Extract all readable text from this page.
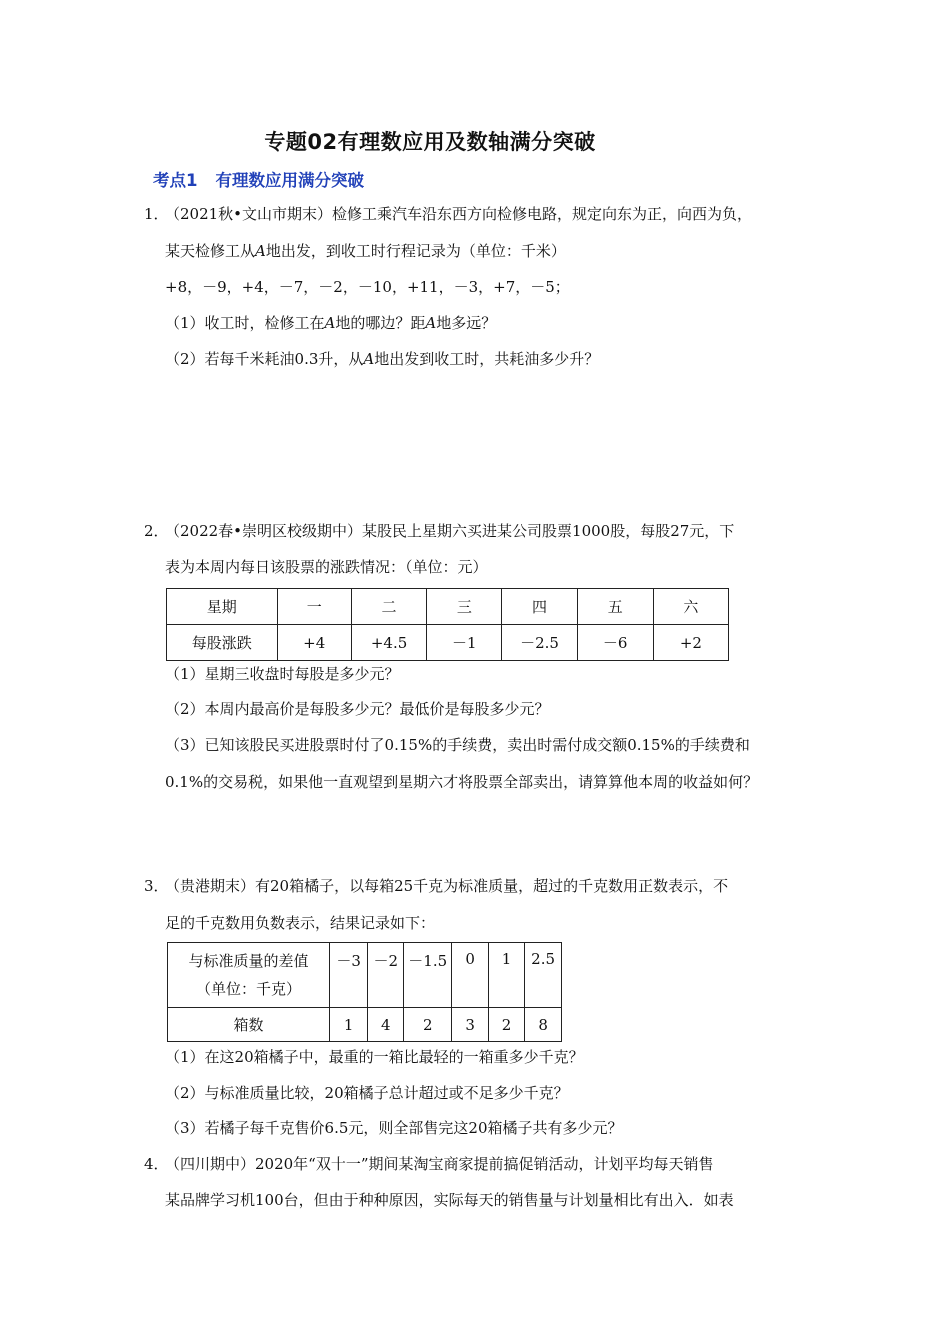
专题02有理数应用及数轴满分突破
考点1 有理数应用满分突破
1．
（2021秋•文山市期末）检修工乘汽车沿东西方向检修电路，规定向东为正，向西为负，
某天检修工从A地出发，到收工时行程记录为（单位：千米）
+8，－9，+4，－7，－2，－10，+11，－3，+7，－5；
（1）收工时，检修工在A地的哪边？距A地多远？
（2）若每千米耗油0.3升，从A地出发到收工时，共耗油多少升？
2．
（2022春•崇明区校级期中）某股民上星期六买进某公司股票1000股，每股27元，下
表为本周内每日该股票的涨跌情况：（单位：元）
星期	一	二	三	四	五	六
每股涨跌	+4	+4.5	－1	－2.5	－6	+2
（1）星期三收盘时每股是多少元？
（2）本周内最高价是每股多少元？最低价是每股多少元？
（3）已知该股民买进股票时付了0.15%的手续费，卖出时需付成交额0.15%的手续费和
0.1%的交易税，如果他一直观望到星期六才将股票全部卖出，请算算他本周的收益如何？
3．
（贵港期末）有20箱橘子，以每箱25千克为标准质量，超过的千克数用正数表示，不
足的千克数用负数表示，结果记录如下：
与标准质量的差值
（单位：千克）	－3	－2	－1.5	0	1	2.5
箱数	1	4	2	3	2	8
（1）在这20箱橘子中，最重的一箱比最轻的一箱重多少千克？
（2）与标准质量比较，20箱橘子总计超过或不足多少千克？
（3）若橘子每千克售价6.5元，则全部售完这20箱橘子共有多少元？
4．
（四川期中）2020年“双十一”期间某淘宝商家提前搞促销活动，计划平均每天销售
某品牌学习机100台，但由于种种原因，实际每天的销售量与计划量相比有出入．如表
